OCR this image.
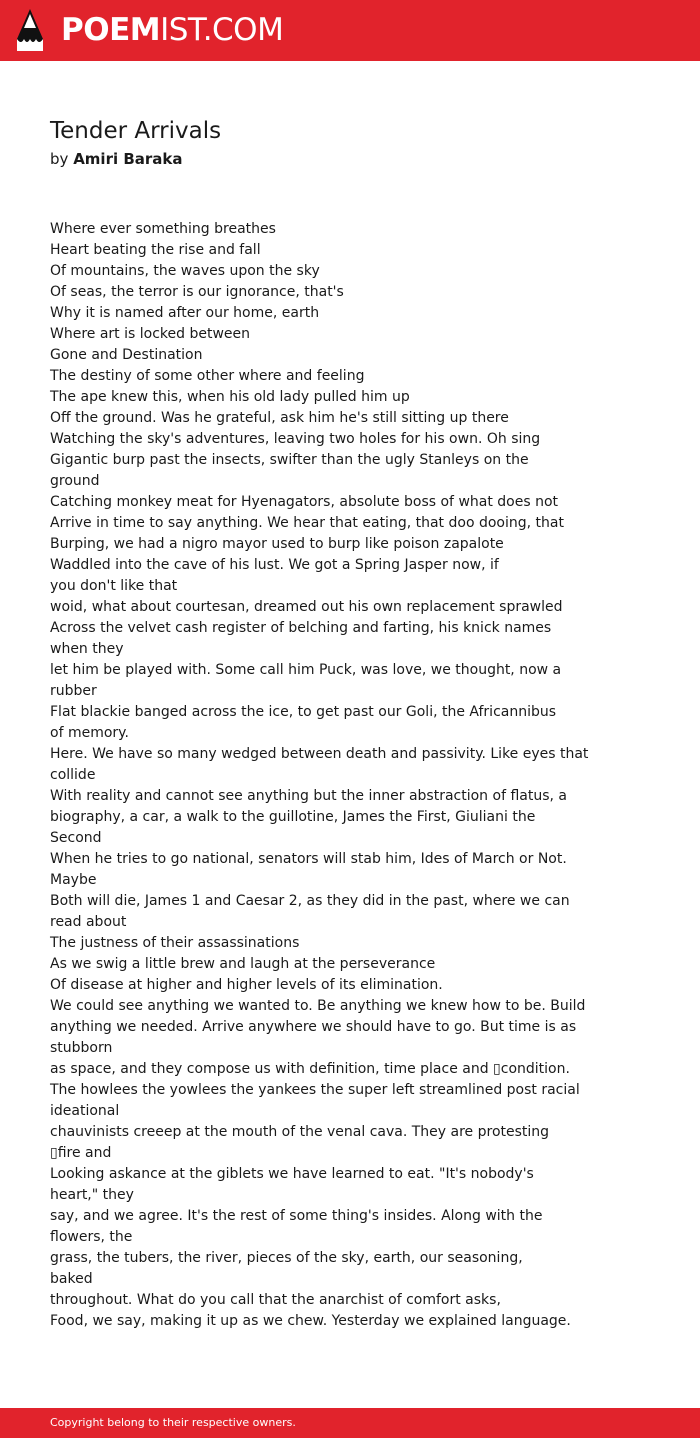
POEMIST.COM
Tender Arrivals
by Amiri Baraka
Where ever something breathes
Heart beating the rise and fall
Of mountains, the waves upon the sky
Of seas, the terror is our ignorance, that's
Why it is named after our home, earth
Where art is locked between
Gone and Destination
The destiny of some other where and feeling
The ape knew this, when his old lady pulled him up
Off the ground. Was he grateful, ask him he's still sitting up there
Watching the sky's adventures, leaving two holes for his own. Oh sing
Gigantic burp past the insects, swifter than the ugly Stanleys on the
ground
Catching monkey meat for Hyenagators, absolute boss of what does not
Arrive in time to say anything. We hear that eating, that doo dooing, that
Burping, we had a nigro mayor used to burp like poison zapalote
Waddled into the cave of his lust. We got a Spring Jasper now, if
you don't like that
woid, what about courtesan, dreamed out his own replacement sprawled
Across the velvet cash register of belching and farting, his knick names
when they
let him be played with. Some call him Puck, was love, we thought, now a
rubber
Flat blackie banged across the ice, to get past our Goli, the Africannibus
of memory.
Here. We have so many wedged between death and passivity. Like eyes that
collide
With reality and cannot see anything but the inner abstraction of flatus, a
biography, a car, a walk to the guillotine, James the First, Giuliani the
Second
When he tries to go national, senators will stab him, Ides of March or Not.
Maybe
Both will die, James 1 and Caesar 2, as they did in the past, where we can
read about
The justness of their assassinations
As we swig a little brew and laugh at the perseverance
Of disease at higher and higher levels of its elimination.
We could see anything we wanted to. Be anything we knew how to be. Build
anything we needed. Arrive anywhere we should have to go. But time is as
stubborn
as space, and they compose us with definition, time place and ▯condition.
The howlees the yowlees the yankees the super left streamlined post racial
ideational
chauvinists creeep at the mouth of the venal cava. They are protesting
▯fire and
Looking askance at the giblets we have learned to eat. "It's nobody's
heart," they
say, and we agree. It's the rest of some thing's insides. Along with the
flowers, the
grass, the tubers, the river, pieces of the sky, earth, our seasoning,
baked
throughout. What do you call that the anarchist of comfort asks,
Food, we say, making it up as we chew. Yesterday we explained language.
Copyright belong to their respective owners.
